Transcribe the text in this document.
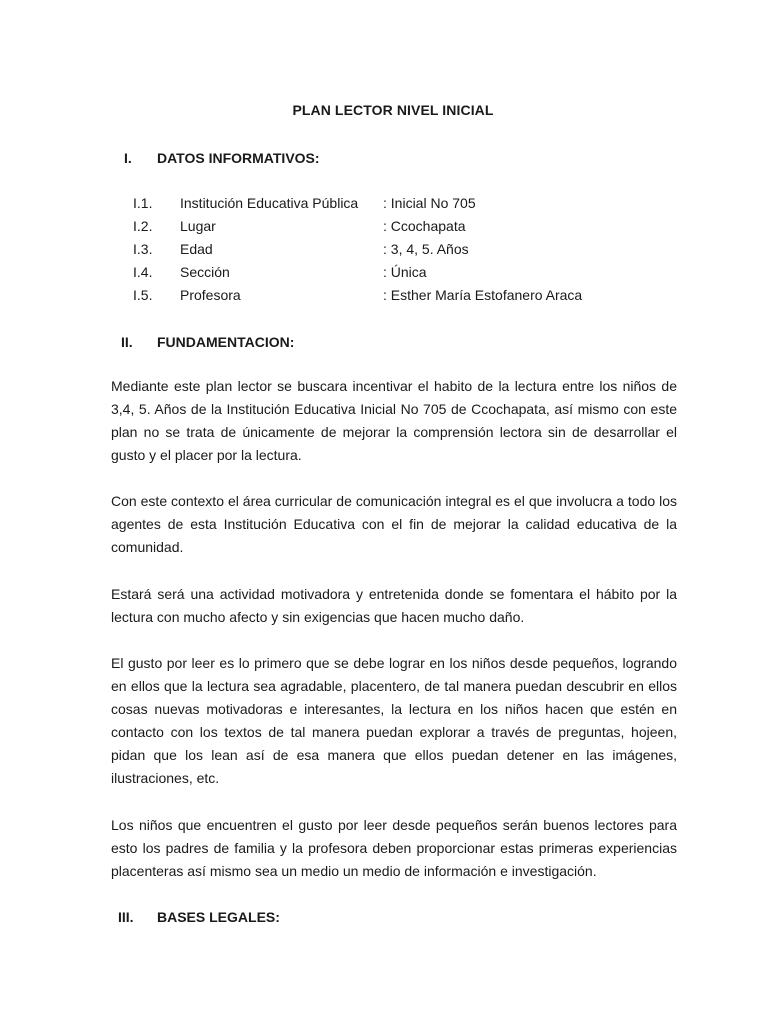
PLAN LECTOR NIVEL INICIAL
I. DATOS INFORMATIVOS:
I.1. Institución Educativa Pública : Inicial No 705
I.2. Lugar	: Ccochapata
I.3. Edad	: 3, 4, 5. Años
I.4. Sección	: Única
I.5. Profesora	: Esther María Estofanero Araca
II. FUNDAMENTACION:

Mediante este plan lector se buscara incentivar el habito de la lectura entre los niños de 3,4, 5. Años de la Institución Educativa Inicial No 705 de Ccochapata, así mismo con este plan no se trata de únicamente de mejorar la comprensión lectora sin de desarrollar el gusto y el placer por la lectura.

Con este contexto el área curricular de comunicación integral es el que involucra a todo los agentes de esta Institución Educativa con el fin de mejorar la calidad educativa de la comunidad.

Estará será una actividad motivadora y entretenida donde se fomentara el hábito por la lectura con mucho afecto y sin exigencias que hacen mucho daño.

El gusto por leer es lo primero que se debe lograr en los niños desde pequeños, logrando en ellos que la lectura sea agradable, placentero, de tal manera puedan descubrir en ellos cosas nuevas motivadoras e interesantes, la lectura en los niños hacen que estén en contacto con los textos de tal manera puedan explorar a través de preguntas, hojeen, pidan que los lean así de esa manera que ellos puedan detener en las imágenes, ilustraciones, etc.

Los niños que encuentren el gusto por leer desde pequeños serán buenos lectores para esto los padres de familia y la profesora deben proporcionar estas primeras experiencias placenteras así mismo sea un medio un medio de información e investigación.

III. BASES LEGALES:
